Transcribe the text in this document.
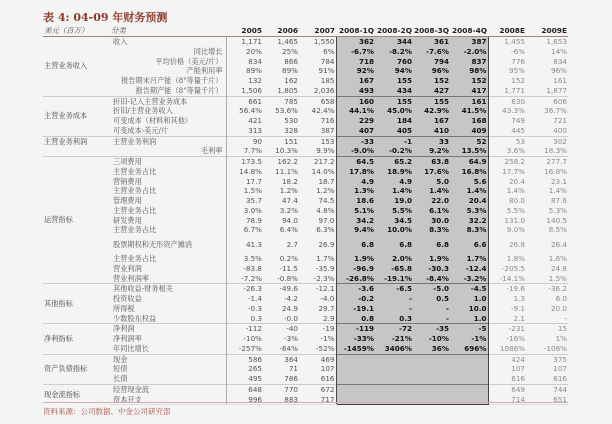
表 4: 04-09 年财务预测
美元（百万）	分类	2005	2006	2007	2008-1Q	2008-2Q	2008-3Q	2008-4Q	2008E	2009E
主营业务收入	收入	1,171	1,465	1,550	362	344	361	387	1,455	1,653
	同比增长	20%	25%	6%	-6.7%	-8.2%	-7.6%	-2.0%	-6%	14%
	平均价格（美元/片）	834	866	784	718	760	794	837	776	834
	产能利用率	89%	89%	91%	92%	94%	96%	98%	95%	96%
	报告期末月产能（8"等量千片）	132	162	185	167	155	152	152	152	161
	报告期产能（8"等量千片）	1,506	1,805	2,036	493	434	427	417	1,771	1,877
主营业务成本	折旧-记入主营业务成本	661	785	658	160	155	155	161	630	606
	折旧/主营业务收入	56.4%	53.6%	42.4%	44.1%	45.0%	42.9%	41.5%	43.3%	36.7%
	可变成本（材料和其他）	421	530	716	229	184	167	168	749	721
	可变成本-美元/片	313	328	387	407	405	410	409	445	400
主营业务利润	主营业务利润	90	151	153	-33	-1	33	52	53	302
	毛利率	7.7%	10.3%	9.9%	-9.0%	-0.2%	9.2%	13.5%	3.6%	18.3%
运营指标	三项费用	173.5	162.2	217.2	64.5	65.2	63.8	64.9	258.2	277.7
	主营业务占比	14.8%	11.1%	14.0%	17.8%	18.9%	17.6%	16.8%	17.7%	16.8%
	营销费用	17.7	18.2	18.7	4.9	4.9	5.0	5.6	20.4	23.1
	主营业务占比	1.5%	1.2%	1.2%	1.3%	1.4%	1.4%	1.4%	1.4%	1.4%
	管理费用	35.7	47.4	74.5	18.6	19.0	22.0	20.4	80.0	87.6
	主营业务占比	3.0%	3.2%	4.8%	5.1%	5.5%	6.1%	5.3%	5.5%	5.3%
	研发费用	78.9	94.0	97.0	34.2	34.5	30.0	32.2	131.0	140.5
	主营业务占比	6.7%	6.4%	6.3%	9.4%	10.0%	8.3%	8.3%	9.0%	8.5%
	股票期权和无形资产摊消	41.3	2.7	26.9	6.8	6.8	6.8	6.6	26.8	26.4
	主营业务占比	3.5%	0.2%	1.7%	1.9%	2.0%	1.9%	1.7%	1.8%	1.6%
	营业利润	-83.8	-11.5	-35.9	-96.9	-65.8	-30.3	-12.4	-205.5	24.8
	营业利润率	-7.2%	-0.8%	-2.3%	-26.8%	-19.1%	-8.4%	-3.2%	-14.1%	1.5%
其他指标	其他收益-财务相关	-26.3	-49.6	-12.1	-3.6	-6.5	-5.0	-4.5	-19.6	-36.2
	投资收益	-1.4	-4.2	-4.0	-0.2	-	0.5	1.0	1.3	6.0
	所得税	-0.3	24.9	29.7	-19.1	-	-	10.0	-9.1	20.0
	少数股东权益	0.3	-0.0	2.9	0.8	0.3	-	1.0	2.1	-
净利指标	净利润	-112	-40	-19	-119	-72	-35	-5	-231	15
	净利润率	-10%	-3%	-1%	-33%	-21%	-10%	-1%	-16%	1%
	年同比增长	-257%	-64%	-52%	-1459%	3406%	36%	696%	1086%	-106%
资产负债指标	现金	586	364	469					424	375
	短债	265	71	107					107	107
	长债	495	786	616					616	616
现金流指标	经营现金流	648	770	672					649	744
	资本开支	996	883	717					714	651
资料来源：公司数据、中金公司研究部
